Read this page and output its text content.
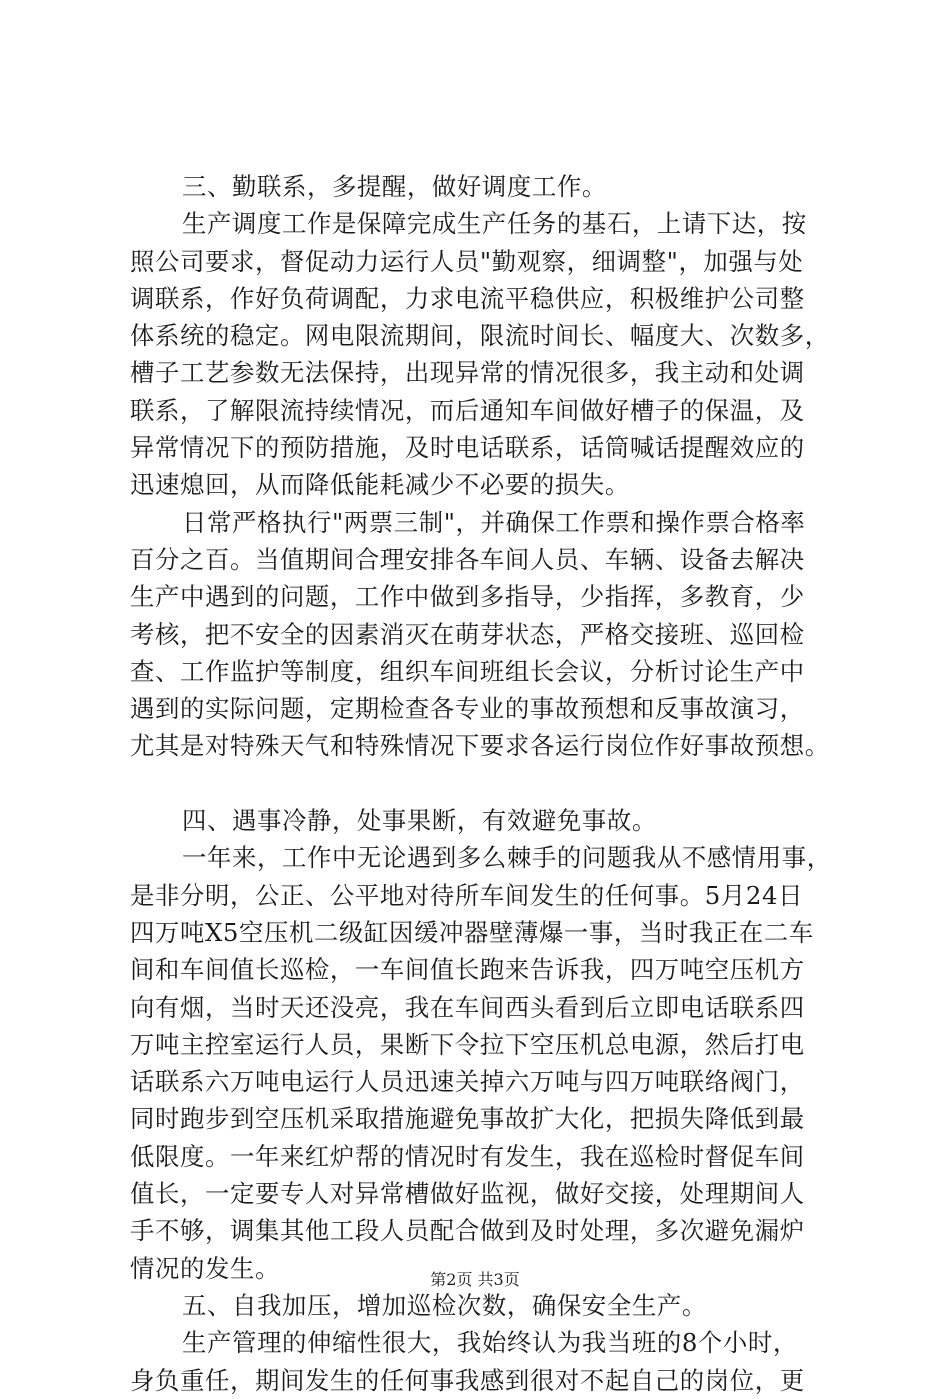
三、勤联系，多提醒，做好调度工作。
生产调度工作是保障完成生产任务的基石，上请下达，按
照公司要求，督促动力运行人员"勤观察，细调整"，加强与处
调联系，作好负荷调配，力求电流平稳供应，积极维护公司整
体系统的稳定。网电限流期间，限流时间长、幅度大、次数多，
槽子工艺参数无法保持，出现异常的情况很多，我主动和处调
联系，了解限流持续情况，而后通知车间做好槽子的保温，及
异常情况下的预防措施，及时电话联系，话筒喊话提醒效应的
迅速熄回，从而降低能耗减少不必要的损失。
日常严格执行"两票三制"，并确保工作票和操作票合格率
百分之百。当值期间合理安排各车间人员、车辆、设备去解决
生产中遇到的问题，工作中做到多指导，少指挥，多教育，少
考核，把不安全的因素消灭在萌芽状态，严格交接班、巡回检
查、工作监护等制度，组织车间班组长会议，分析讨论生产中
遇到的实际问题，定期检查各专业的事故预想和反事故演习，
尤其是对特殊天气和特殊情况下要求各运行岗位作好事故预想。
四、遇事冷静，处事果断，有效避免事故。
一年来，工作中无论遇到多么棘手的问题我从不感情用事，
是非分明，公正、公平地对待所车间发生的任何事。5月24日
四万吨X5空压机二级缸因缓冲器壁薄爆一事，当时我正在二车
间和车间值长巡检，一车间值长跑来告诉我，四万吨空压机方
向有烟，当时天还没亮，我在车间西头看到后立即电话联系四
万吨主控室运行人员，果断下令拉下空压机总电源，然后打电
话联系六万吨电运行人员迅速关掉六万吨与四万吨联络阀门，
同时跑步到空压机采取措施避免事故扩大化，把损失降低到最
低限度。一年来红炉帮的情况时有发生，我在巡检时督促车间
值长，一定要专人对异常槽做好监视，做好交接，处理期间人
手不够，调集其他工段人员配合做到及时处理，多次避免漏炉
情况的发生。
五、自我加压，增加巡检次数，确保安全生产。
生产管理的伸缩性很大，我始终认为我当班的8个小时，
身负重任，期间发生的任何事我感到很对不起自己的岗位，更
第2页 共3页
